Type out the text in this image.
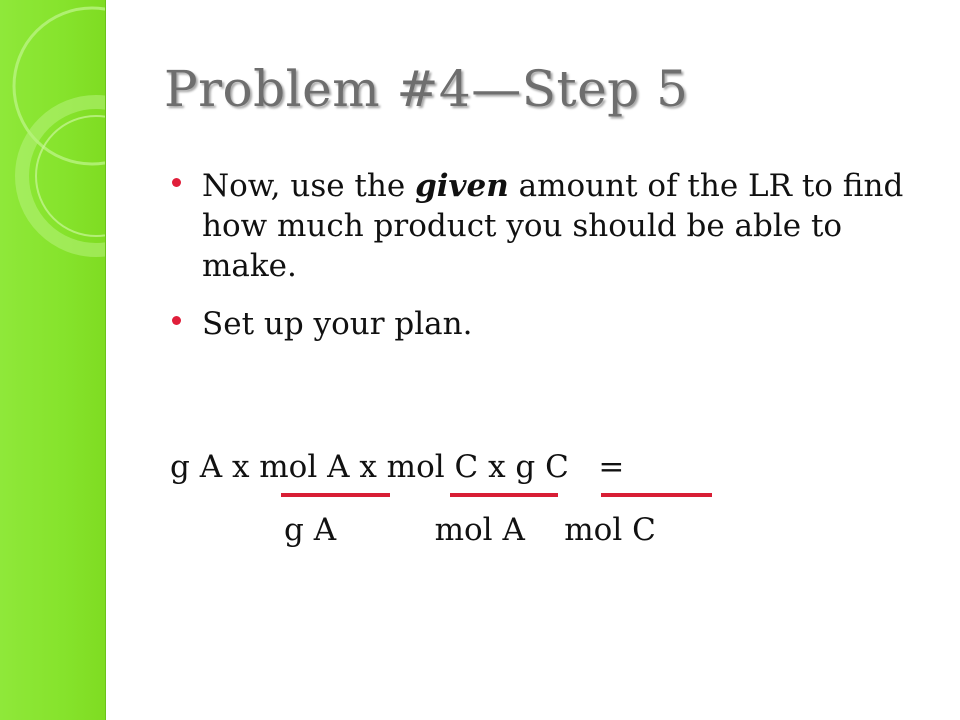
Problem #4—Step 5
Now, use the given amount of the LR to find how much product you should be able to make.
Set up your plan.
g A x mol A x mol C x g C   =
g A          mol A    mol C
